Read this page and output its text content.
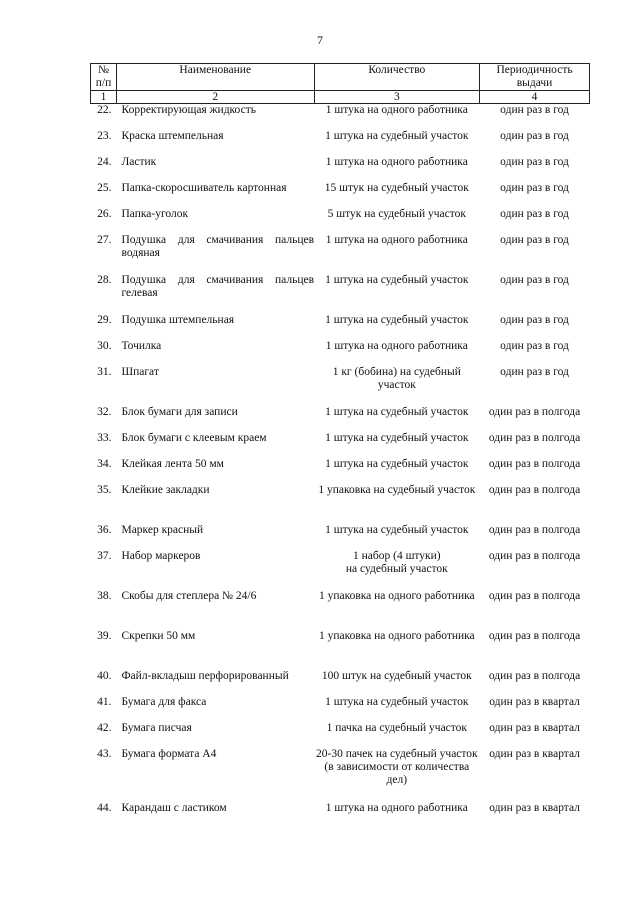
7
№
п/п	Наименование	Количество	Периодичность
выдачи

1	2	3	4
22.	Корректирующая жидкость	1 штука на одного работника	один раз в год
23.	Краска штемпельная	1 штука на судебный участок	один раз в год
24.	Ластик	1 штука на одного работника	один раз в год
25.	Папка-скоросшиватель картонная	15 штук на судебный участок	один раз в год
26.	Папка-уголок	5 штук на судебный участок	один раз в год
27.	Подушка для смачивания пальцев водяная	1 штука на одного работника	один раз в год
28.	Подушка для смачивания пальцев гелевая	1 штука на судебный участок	один раз в год
29.	Подушка штемпельная	1 штука на судебный участок	один раз в год
30.	Точилка	1 штука на одного работника	один раз в год
31.	Шпагат	1 кг (бобина) на судебный участок	один раз в год
32.	Блок бумаги для записи	1 штука на судебный участок	один раз в полгода
33.	Блок бумаги с клеевым краем	1 штука на судебный участок	один раз в полгода
34.	Клейкая лента 50 мм	1 штука на судебный участок	один раз в полгода
35.	Клейкие закладки	1 упаковка на судебный участок	один раз в полгода
36.	Маркер красный	1 штука на судебный участок	один раз в полгода
37.	Набор маркеров	1 набор (4 штуки)
на судебный участок	один раз в полгода
38.	Скобы для степлера № 24/6	1 упаковка на одного работника	один раз в полгода
39.	Скрепки 50 мм	1 упаковка на одного работника	один раз в полгода
40.	Файл-вкладыш перфорированный	100 штук на судебный участок	один раз в полгода
41.	Бумага для факса	1 штука на судебный участок	один раз в квартал
42.	Бумага писчая	1 пачка на судебный участок	один раз в квартал
43.	Бумага формата А4	20-30 пачек на судебный участок (в зависимости от количества дел)	один раз в квартал
44.	Карандаш с ластиком	1 штука на одного работника	один раз в квартал
